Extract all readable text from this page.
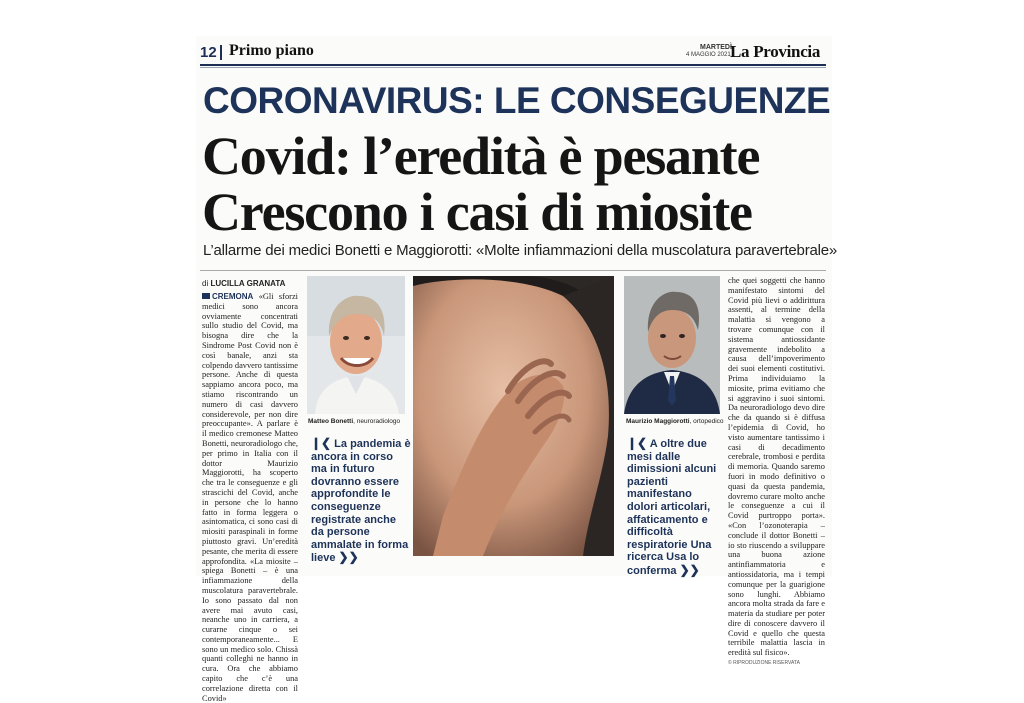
12 Primo piano	MARTEDÌ
4 MAGGIO 2021 La Provincia
CORONAVIRUS: LE CONSEGUENZE
Covid: l’eredità è pesante
Crescono i casi di miosite
L’allarme dei medici Bonetti e Maggiorotti: «Molte infiammazioni della muscolatura paravertebrale»
di LUCILLA GRANATA

CREMONA «Gli sforzi medici sono ancora ovviamente concentrati sullo studio del Covid, ma bisogna dire che la Sindrome Post Covid non è così banale, anzi sta colpendo davvero tantissime persone. Anche di questa sappiamo ancora poco, ma stiamo riscontrando un numero di casi davvero considerevole, per non dire preoccupante». A parlare è il medico cremonese Matteo Bonetti, neuroradiologo che, per primo in Italia con il dottor Maurizio Maggiorotti, ha scoperto che tra le conseguenze e gli strascichi del Covid, anche in persone che lo hanno fatto in forma leggera o asintomatica, ci sono casi di miositi paraspinali in forme piuttosto gravi. Un’eredità pesante, che merita di essere approfondita. «La miosite – spiega Bonetti – è una infiammazione della muscolatura paravertebrale. Io sono passato dal non avere mai avuto casi, neanche uno in carriera, a curarne cinque o sei contemporaneamente... E sono un medico solo. Chissà quanti colleghi ne hanno in cura. Ora che abbiamo capito che c’è una correlazione diretta con il Covid»

Matteo Bonetti, neuroradiologo	Maurizio Maggiorotti, ortopedico
❙❮ La pandemia è ancora in corso ma in futuro dovranno essere approfondite le conseguenze registrate anche da persone ammalate in forma lieve ❯❯
❙❮ A oltre due mesi dalle dimissioni alcuni pazienti manifestano dolori articolari, affaticamento e difficoltà respiratorie Una ricerca Usa lo conferma ❯❯

che quei soggetti che hanno manifestato sintomi del Covid più lievi o addirittura assenti, al termine della malattia si vengono a trovare comunque con il sistema antiossidante gravemente indebolito a causa dell’impoverimento dei suoi elementi costitutivi. Prima individuiamo la miosite, prima evitiamo che si aggravino i suoi sintomi. Da neuroradiologo devo dire che da quando si è diffusa l’epidemia di Covid, ho visto aumentare tantissimo i casi di decadimento cerebrale, trombosi e perdita di memoria. Quando saremo fuori in modo definitivo o quasi da questa pandemia, dovremo curare molto anche le conseguenze a cui il Covid purtroppo porta». «Con l’ozonoterapia – conclude il dottor Bonetti – io sto riuscendo a sviluppare una buona azione antinfiammatoria e antiossidatoria, ma i tempi comunque per la guarigione sono lunghi. Abbiamo ancora molta strada da fare e materia da studiare per poter dire di conoscere davvero il Covid e quello che questa terribile malattia lascia in eredità sul fisico».

© RIPRODUZIONE RISERVATA
